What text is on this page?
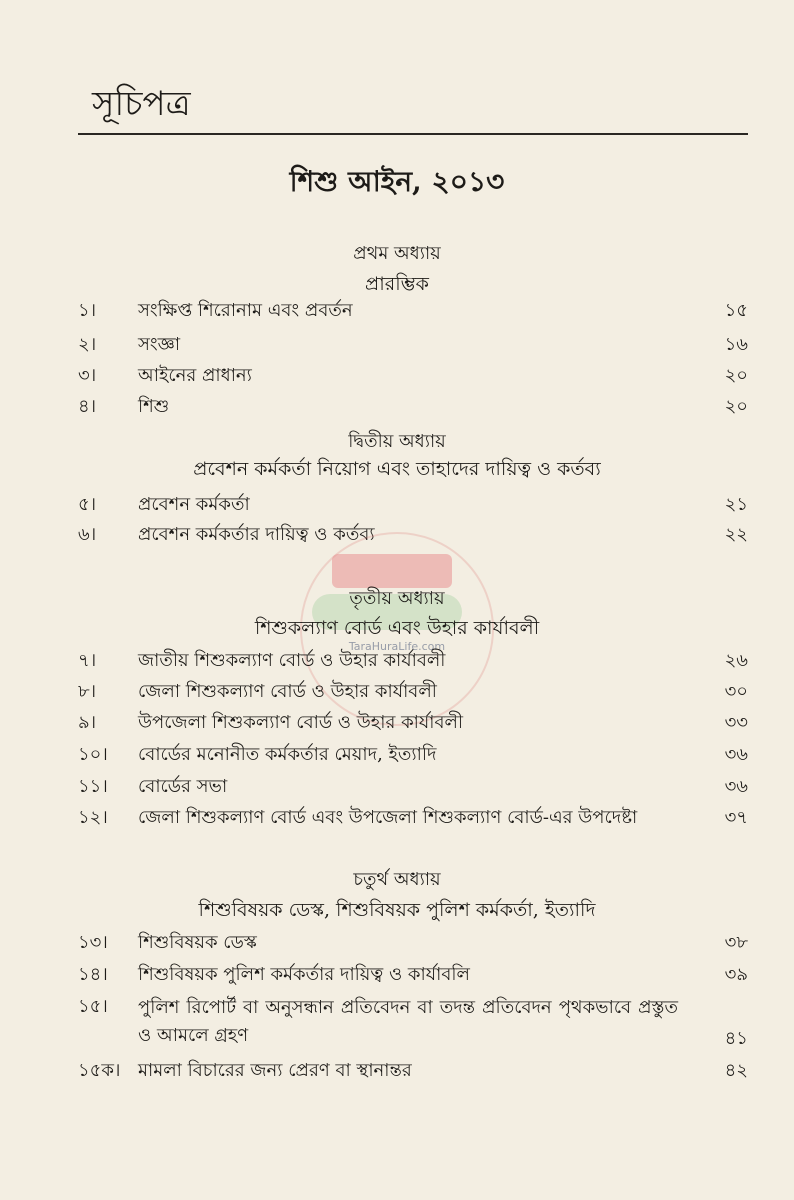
সূচিপত্র
শিশু আইন, ২০১৩
প্রথম অধ্যায়
প্রারম্ভিক
১।	সংক্ষিপ্ত শিরোনাম এবং প্রবর্তন	১৫
২।	সংজ্ঞা	১৬
৩।	আইনের প্রাধান্য	২০
৪।	শিশু	২০
দ্বিতীয় অধ্যায়
প্রবেশন কর্মকর্তা নিয়োগ এবং তাহাদের দায়িত্ব ও কর্তব্য
৫।	প্রবেশন কর্মকর্তা	২১
৬।	প্রবেশন কর্মকর্তার দায়িত্ব ও কর্তব্য	২২
TaraHuraLife.com
তৃতীয় অধ্যায়
শিশুকল্যাণ বোর্ড এবং উহার কার্যাবলী
৭।	জাতীয় শিশুকল্যাণ বোর্ড ও উহার কার্যাবলী	২৬
৮।	জেলা শিশুকল্যাণ বোর্ড ও উহার কার্যাবলী	৩০
৯।	উপজেলা শিশুকল্যাণ বোর্ড ও উহার কার্যাবলী	৩৩
১০।	বোর্ডের মনোনীত কর্মকর্তার মেয়াদ, ইত্যাদি	৩৬
১১।	বোর্ডের সভা	৩৬
১২।	জেলা শিশুকল্যাণ বোর্ড এবং উপজেলা শিশুকল্যাণ বোর্ড-এর উপদেষ্টা	৩৭
চতুর্থ অধ্যায়
শিশুবিষয়ক ডেস্ক, শিশুবিষয়ক পুলিশ কর্মকর্তা, ইত্যাদি
১৩।	শিশুবিষয়ক ডেস্ক	৩৮
১৪।	শিশুবিষয়ক পুলিশ কর্মকর্তার দায়িত্ব ও কার্যাবলি	৩৯
১৫।	পুলিশ রিপোর্ট বা অনুসন্ধান প্রতিবেদন বা তদন্ত প্রতিবেদন পৃথকভাবে প্রস্তুত ও আমলে গ্রহণ	৪১
১৫ক। মামলা বিচারের জন্য প্রেরণ বা স্থানান্তর	৪২
